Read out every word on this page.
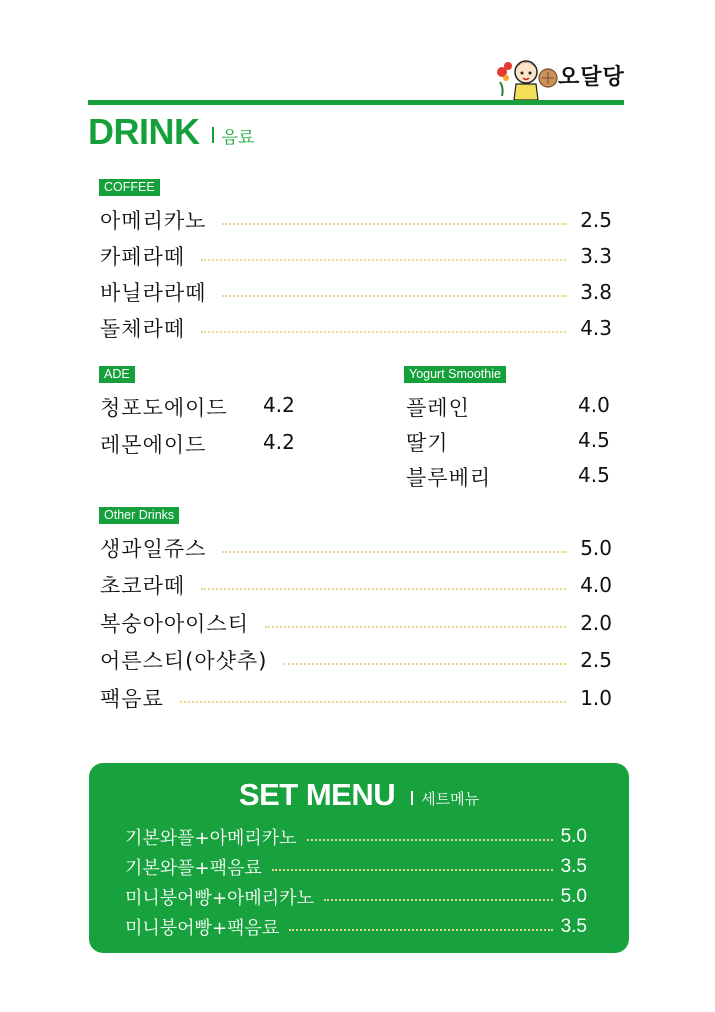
오달당
DRINK 음료
COFFEE
아메리카노	2.5
카페라떼	3.3
바닐라라떼	3.8
돌체라떼	4.3
ADE
청포도에이드 4.2
레몬에이드	4.2
Yogurt Smoothie
플레인	4.0
딸기	4.5
블루베리	4.5
Other Drinks
생과일쥬스	5.0
초코라떼	4.0
복숭아아이스티	2.0
어른스티(아샷추)	2.5
팩음료	1.0
SET MENU 세트메뉴
기본와플+아메리카노	5.0
기본와플+팩음료	3.5
미니붕어빵+아메리카노	5.0
미니붕어빵+팩음료	3.5
